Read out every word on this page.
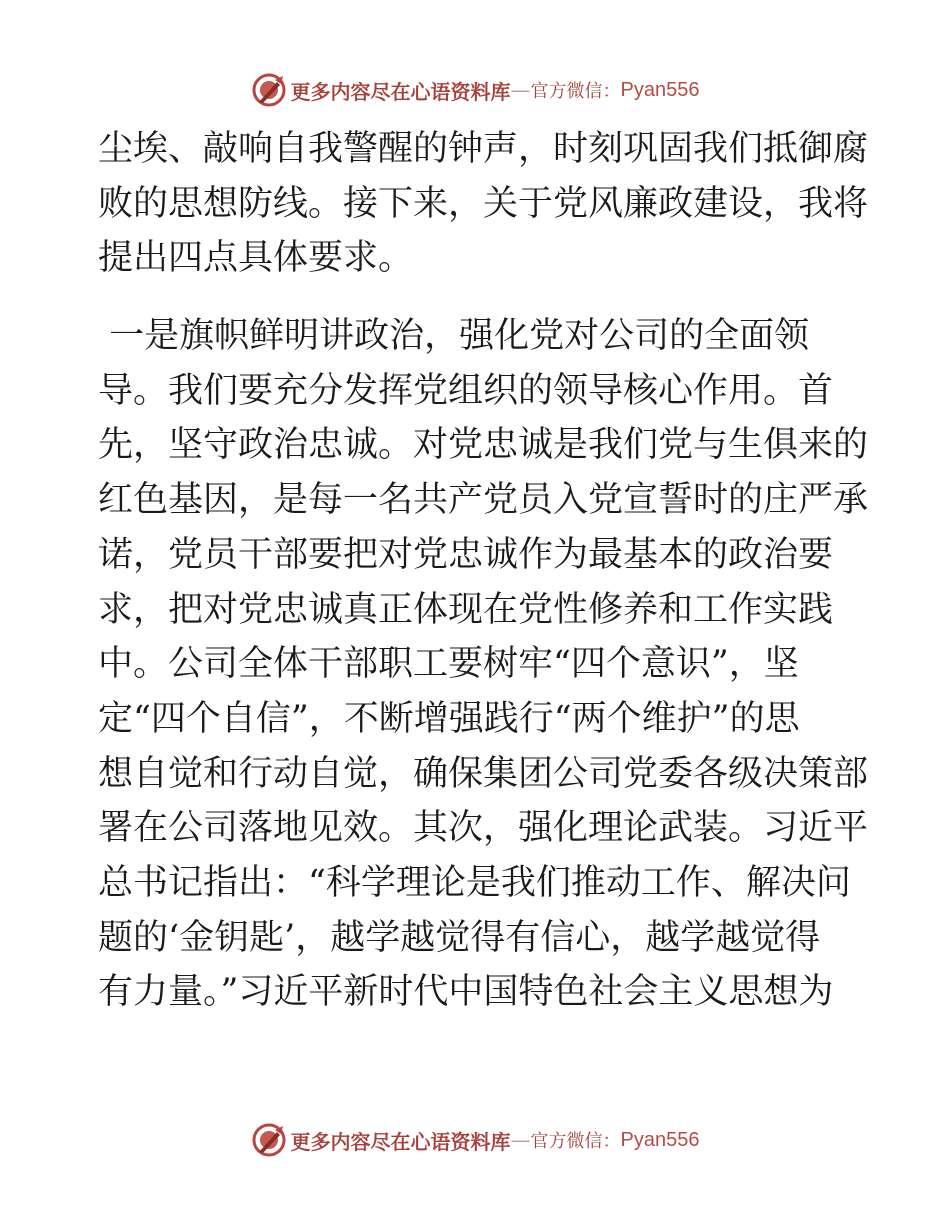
更多内容尽在心语资料库 — 官方微信： Pyan556
尘埃、敲响自我警醒的钟声，时刻巩固我们抵御腐
败的思想防线。接下来，关于党风廉政建设，我将
提出四点具体要求。
一是旗帜鲜明讲政治，强化党对公司的全面领
导。我们要充分发挥党组织的领导核心作用。首
先，坚守政治忠诚。对党忠诚是我们党与生俱来的
红色基因，是每一名共产党员入党宣誓时的庄严承
诺，党员干部要把对党忠诚作为最基本的政治要
求，把对党忠诚真正体现在党性修养和工作实践
中。公司全体干部职工要树牢“四个意识”，坚
定“四个自信”，不断增强践行“两个维护”的思
想自觉和行动自觉，确保集团公司党委各级决策部
署在公司落地见效。其次，强化理论武装。习近平
总书记指出：“科学理论是我们推动工作、解决问
题的‘金钥匙’，越学越觉得有信心，越学越觉得
有力量。”习近平新时代中国特色社会主义思想为
更多内容尽在心语资料库 — 官方微信： Pyan556
